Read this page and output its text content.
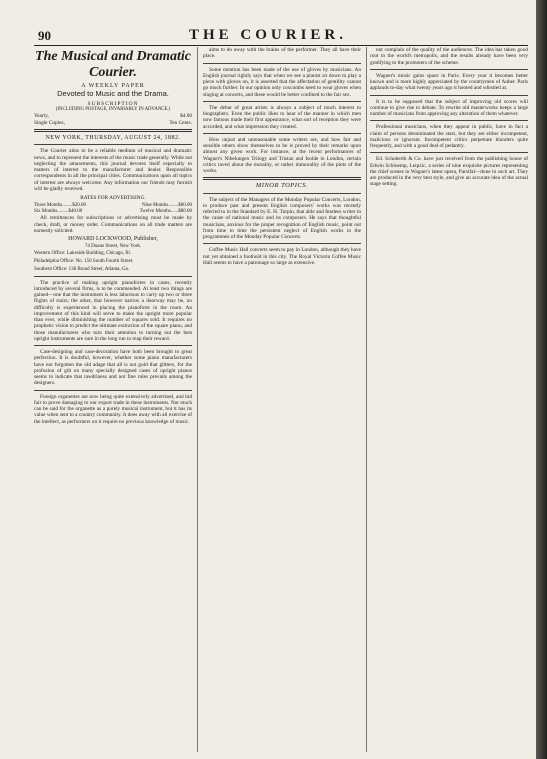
90	THE COURIER.
The Musical and Dramatic Courier.
A WEEKLY PAPER
Devoted to Music and the Drama.
SUBSCRIPTION
(INCLUDING POSTAGE, INVARIABLY IN ADVANCE.)
Yearly,	$4.00
Single Copies,	Ten Cents.
NEW YORK, THURSDAY, AUGUST 24, 1882.

The Courier aims to be a reliable medium of musical and dramatic news, and to represent the interests of the music trade generally. While not neglecting the amusements, this journal devotes itself especially to matters of interest to the manufacturer and dealer. Responsible correspondents in all the principal cities. Communications upon all topics of interest are always welcome. Any information our friends may furnish will be gladly received.

RATES FOR ADVERTISING.
Three Months........$20.00	Nine Months........$60.00
Six Months.........$40.00	Twelve Months......$80.00

All remittances for subscriptions or advertising must be made by check, draft, or money order. Communications on all trade matters are earnestly solicited.

HOWARD LOCKWOOD, Publisher,
74 Duane Street, New York.

Western Office: Lakeside Building, Chicago, Ill.

Philadelphia Office: No. 150 South Fourth Street.

Southern Office: 138 Broad Street, Atlanta, Ga.

The practice of making upright pianofortes in cases, recently introduced by several firms, is to be commended. At least two things are gained—one that the instrument is less laborious to carry up two or three flights of stairs; the other, that however narrow a doorway may be, no difficulty is experienced in placing the pianoforte in the room. An improvement of this kind will serve to make the upright more popular than ever, while diminishing the number of squares sold. It requires no prophetic vision to predict the ultimate extinction of the square piano, and those manufacturers who turn their attention to turning out the best upright instruments are sure in the long run to reap their reward.

Case-designing and case-decoration have both been brought to great perfection. It is doubtful, however, whether some piano manufacturers have not forgotten the old adage that all is not gold that glitters, for the profusion of gilt on many specially designed cases of upright pianos seems to indicate that tawdriness and not fine rules prevails among the designers.

Foreign organettes are now being quite extensively advertised, and bid fair to prove damaging to our export trade in these instruments. Not much can be said for the organette as a purely musical instrument, but it has its value when sent to a country community. It does away with all exercise of the intellect, as performers on it require no previous knowledge of music.

aims to do away with the brains of the performer. They all have their place.

Some mention has been made of the use of gloves by musicians. An English journal rightly says that when we see a pianist sit down to play a piece with gloves on, it is asserted that the affectation of gentility cannot go much further. In our opinion only coxcombs need to wear gloves when singing at concerts, and these would be better confined to the fair sex.

The debut of great artists is always a subject of much interest to biographers. Even the public likes to hear of the manner in which men now famous made their first appearance, what sort of reception they were accorded, and what impression they created.

How unjust and unreasonable some writers are, and how fair and sensible others show themselves to be is proved by their remarks upon almost any given work. For instance, at the recent performances of Wagner's Nibelungen Trilogy and Tristan and Isolde in London, certain critics raved about the morality, or rather immorality of the plots of the works.

MINOR TOPICS.

The subject of the Managers of the Monday Popular Concerts, London, to produce past and present English composers' works was recently referred to in the Standard by E. H. Turpin, that able and fearless writer in the cause of national music and its composers. He says that thoughtful musicians, anxious for the proper recognition of English music, point out from time to time the persistent neglect of English works in the programmes of the Monday Popular Concerts.

Coffee Music Hall concerts seem to pay in London, although they have not yet obtained a foothold in this city. The Royal Victoria Coffee Music Hall seems to have a patronage so large as extensive.

not complain of the quality of the audiences. The idea has taken good root in the world's metropolis, and the results already have been very gratifying to the promoters of the scheme.

Wagner's music gains space in Paris. Every year it becomes better known and is more highly appreciated by the countrymen of Auber. Paris applauds to-day what twenty years ago it hooted and whistled at.

It is to be supposed that the subject of improving old scores will continue to give rise to debate. To rewrite old masterworks keeps a large number of musicians from approving any alteration of them whatever.

Professional musicians, when they appear in public, have in fact a claim of persons denominated the stars, but they are either incompetent, malicious or ignorant. Incompetent critics perpetrate blunders quite frequently, and with a good deal of pedantry.

Ed. Schuberth & Co. have just received from the publishing house of Edwin Schloemp, Leipzic, a series of nine exquisite pictures representing the chief scenes in Wagner's latest opera, Parsifal—done in such art. They are produced in the very best style, and give an accurate idea of the actual stage setting.
